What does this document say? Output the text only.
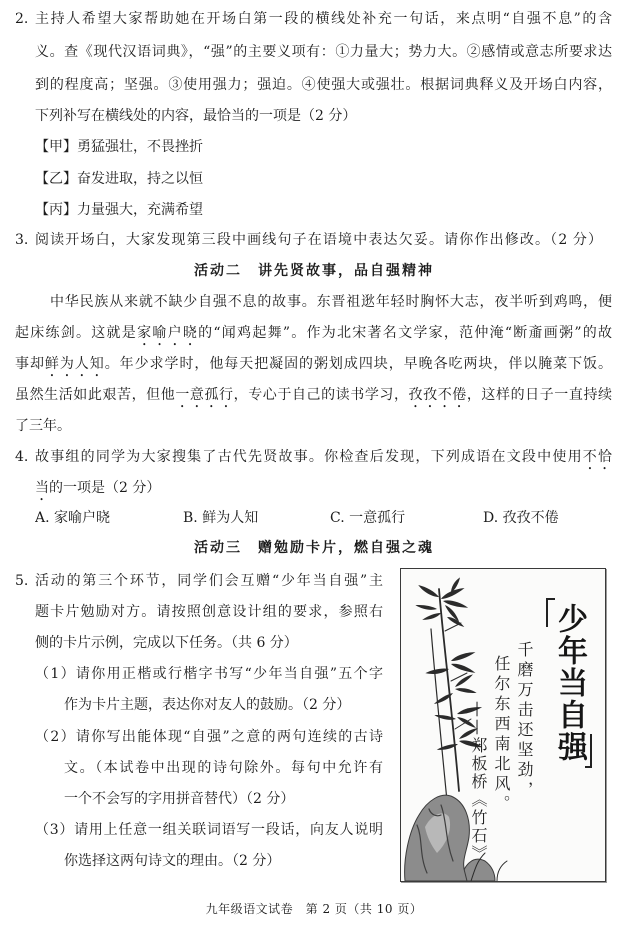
2. 主持人希望大家帮助她在开场白第一段的横线处补充一句话，来点明“自强不息”的含
义。查《现代汉语词典》，“强”的主要义项有：①力量大；势力大。②感情或意志所要求达
到的程度高；坚强。③使用强力；强迫。④使强大或强壮。根据词典释义及开场白内容，
下列补写在横线处的内容，最恰当的一项是（2 分）
【甲】勇猛强壮，不畏挫折
【乙】奋发进取，持之以恒
【丙】力量强大，充满希望
3. 阅读开场白，大家发现第三段中画线句子在语境中表达欠妥。请你作出修改。（2 分）
活动二　讲先贤故事，品自强精神
中华民族从来就不缺少自强不息的故事。东晋祖逖年轻时胸怀大志，夜半听到鸡鸣，便
起床练剑。这就是家喻户晓的“闻鸡起舞”。作为北宋著名文学家，范仲淹“断齑画粥”的故
事却鲜为人知。年少求学时，他每天把凝固的粥划成四块，早晚各吃两块，伴以腌菜下饭。
虽然生活如此艰苦，但他一意孤行，专心于自己的读书学习，孜孜不倦，这样的日子一直持续
了三年。
4. 故事组的同学为大家搜集了古代先贤故事。你检查后发现，下列成语在文段中使用不恰
当的一项是（2 分）
A. 家喻户晓	B. 鲜为人知	C. 一意孤行	D. 孜孜不倦
活动三　赠勉励卡片，燃自强之魂
5. 活动的第三个环节，同学们会互赠“少年当自强”主
题卡片勉励对方。请按照创意设计组的要求，参照右
侧的卡片示例，完成以下任务。（共 6 分）
（1）请你用正楷或行楷字书写“少年当自强”五个字
作为卡片主题，表达你对友人的鼓励。（2 分）
（2）请你写出能体现“自强”之意的两句连续的古诗
文。（本试卷中出现的诗句除外。每句中允许有
一个不会写的字用拼音替代）（2 分）
（3）请用上任意一组关联词语写一段话，向友人说明
你选择这两句诗文的理由。（2 分）
少年当自强
千磨万击还坚劲，
任尔东西南北风。
——郑板桥《竹石》
九年级语文试卷　第 2 页（共 10 页）
